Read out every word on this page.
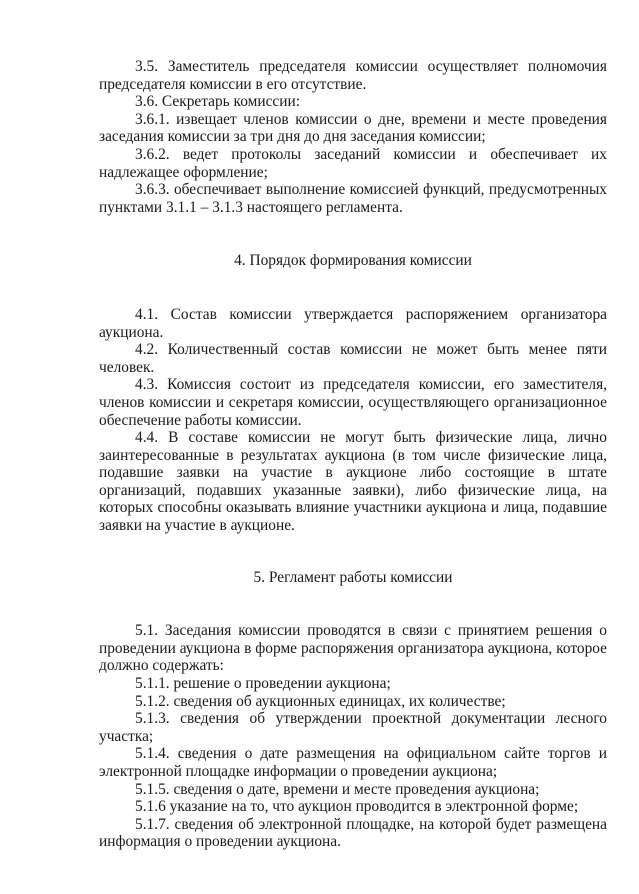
3.5. Заместитель председателя комиссии осуществляет полномочия председателя комиссии в его отсутствие.

3.6. Секретарь комиссии:

3.6.1. извещает членов комиссии о дне, времени и месте проведения заседания комиссии за три дня до дня заседания комиссии;

3.6.2. ведет протоколы заседаний комиссии и обеспечивает их надлежащее оформление;

3.6.3. обеспечивает выполнение комиссией функций, предусмотренных пунктами 3.1.1 – 3.1.3 настоящего регламента.

4. Порядок формирования комиссии

4.1. Состав комиссии утверждается распоряжением организатора аукциона.

4.2. Количественный состав комиссии не может быть менее пяти человек.

4.3. Комиссия состоит из председателя комиссии, его заместителя, членов комиссии и секретаря комиссии, осуществляющего организационное обеспечение работы комиссии.

4.4. В составе комиссии не могут быть физические лица, лично заинтересованные в результатах аукциона (в том числе физические лица, подавшие заявки на участие в аукционе либо состоящие в штате организаций, подавших указанные заявки), либо физические лица, на которых способны оказывать влияние участники аукциона и лица, подавшие заявки на участие в аукционе.

5. Регламент работы комиссии

5.1. Заседания комиссии проводятся в связи с принятием решения о проведении аукциона в форме распоряжения организатора аукциона, которое должно содержать:

5.1.1. решение о проведении аукциона;

5.1.2. сведения об аукционных единицах, их количестве;

5.1.3. сведения об утверждении проектной документации лесного участка;

5.1.4. сведения о дате размещения на официальном сайте торгов и электронной площадке информации о проведении аукциона;

5.1.5. сведения о дате, времени и месте проведения аукциона;

5.1.6 указание на то, что аукцион проводится в электронной форме;

5.1.7. сведения об электронной площадке, на которой будет размещена информация о проведении аукциона.
